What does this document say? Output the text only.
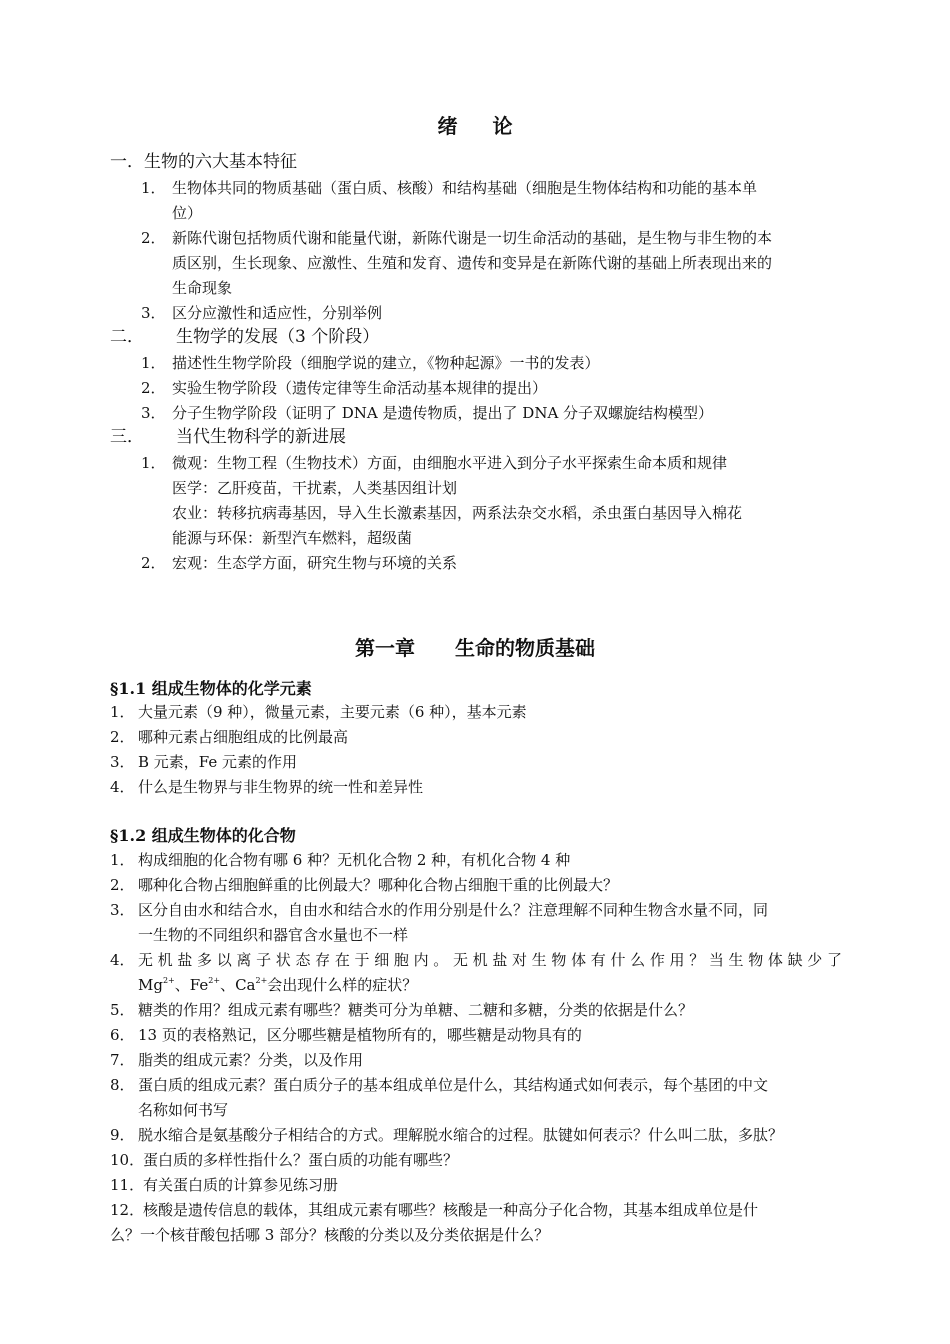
绪 论
一．生物的六大基本特征
1． 生物体共同的物质基础（蛋白质、核酸）和结构基础（细胞是生物体结构和功能的基本单
位）
2． 新陈代谢包括物质代谢和能量代谢，新陈代谢是一切生命活动的基础，是生物与非生物的本
质区别，生长现象、应激性、生殖和发育、遗传和变异是在新陈代谢的基础上所表现出来的
生命现象
3． 区分应激性和适应性，分别举例
二． 生物学的发展（3 个阶段）
1． 描述性生物学阶段（细胞学说的建立，《物种起源》一书的发表）
2． 实验生物学阶段（遗传定律等生命活动基本规律的提出）
3． 分子生物学阶段（证明了 DNA 是遗传物质，提出了 DNA 分子双螺旋结构模型）
三． 当代生物科学的新进展
1． 微观：生物工程（生物技术）方面，由细胞水平进入到分子水平探索生命本质和规律
医学：乙肝疫苗，干扰素，人类基因组计划
农业：转移抗病毒基因，导入生长激素基因，两系法杂交水稻，杀虫蛋白基因导入棉花
能源与环保：新型汽车燃料，超级菌
2． 宏观：生态学方面，研究生物与环境的关系
第一章　　生命的物质基础
§1.1 组成生物体的化学元素
1． 大量元素（9 种），微量元素，主要元素（6 种），基本元素
2． 哪种元素占细胞组成的比例最高
3． B 元素，Fe 元素的作用
4． 什么是生物界与非生物界的统一性和差异性
§1.2 组成生物体的化合物
1． 构成细胞的化合物有哪 6 种？无机化合物 2 种，有机化合物 4 种
2． 哪种化合物占细胞鲜重的比例最大？哪种化合物占细胞干重的比例最大？
3． 区分自由水和结合水，自由水和结合水的作用分别是什么？注意理解不同种生物含水量不同，同
一生物的不同组织和器官含水量也不一样
4． 无机盐多以离子状态存在于细胞内。无机盐对生物体有什么作用？当生物体缺少了
$Mg^{2+}$、$Fe^{2+}$、$Ca^{2+}$会出现什么样的症状？
5． 糖类的作用？组成元素有哪些？糖类可分为单糖、二糖和多糖，分类的依据是什么？
6． 13 页的表格熟记，区分哪些糖是植物所有的，哪些糖是动物具有的
7． 脂类的组成元素？分类，以及作用
8． 蛋白质的组成元素？蛋白质分子的基本组成单位是什么，其结构通式如何表示，每个基团的中文
名称如何书写
9． 脱水缩合是氨基酸分子相结合的方式。理解脱水缩合的过程。肽键如何表示？什么叫二肽，多肽？
10．
蛋白质的多样性指什么？蛋白质的功能有哪些？
11．
有关蛋白质的计算参见练习册
12．
核酸是遗传信息的载体，其组成元素有哪些？核酸是一种高分子化合物，其基本组成单位是什
么？一个核苷酸包括哪 3 部分？核酸的分类以及分类依据是什么？
